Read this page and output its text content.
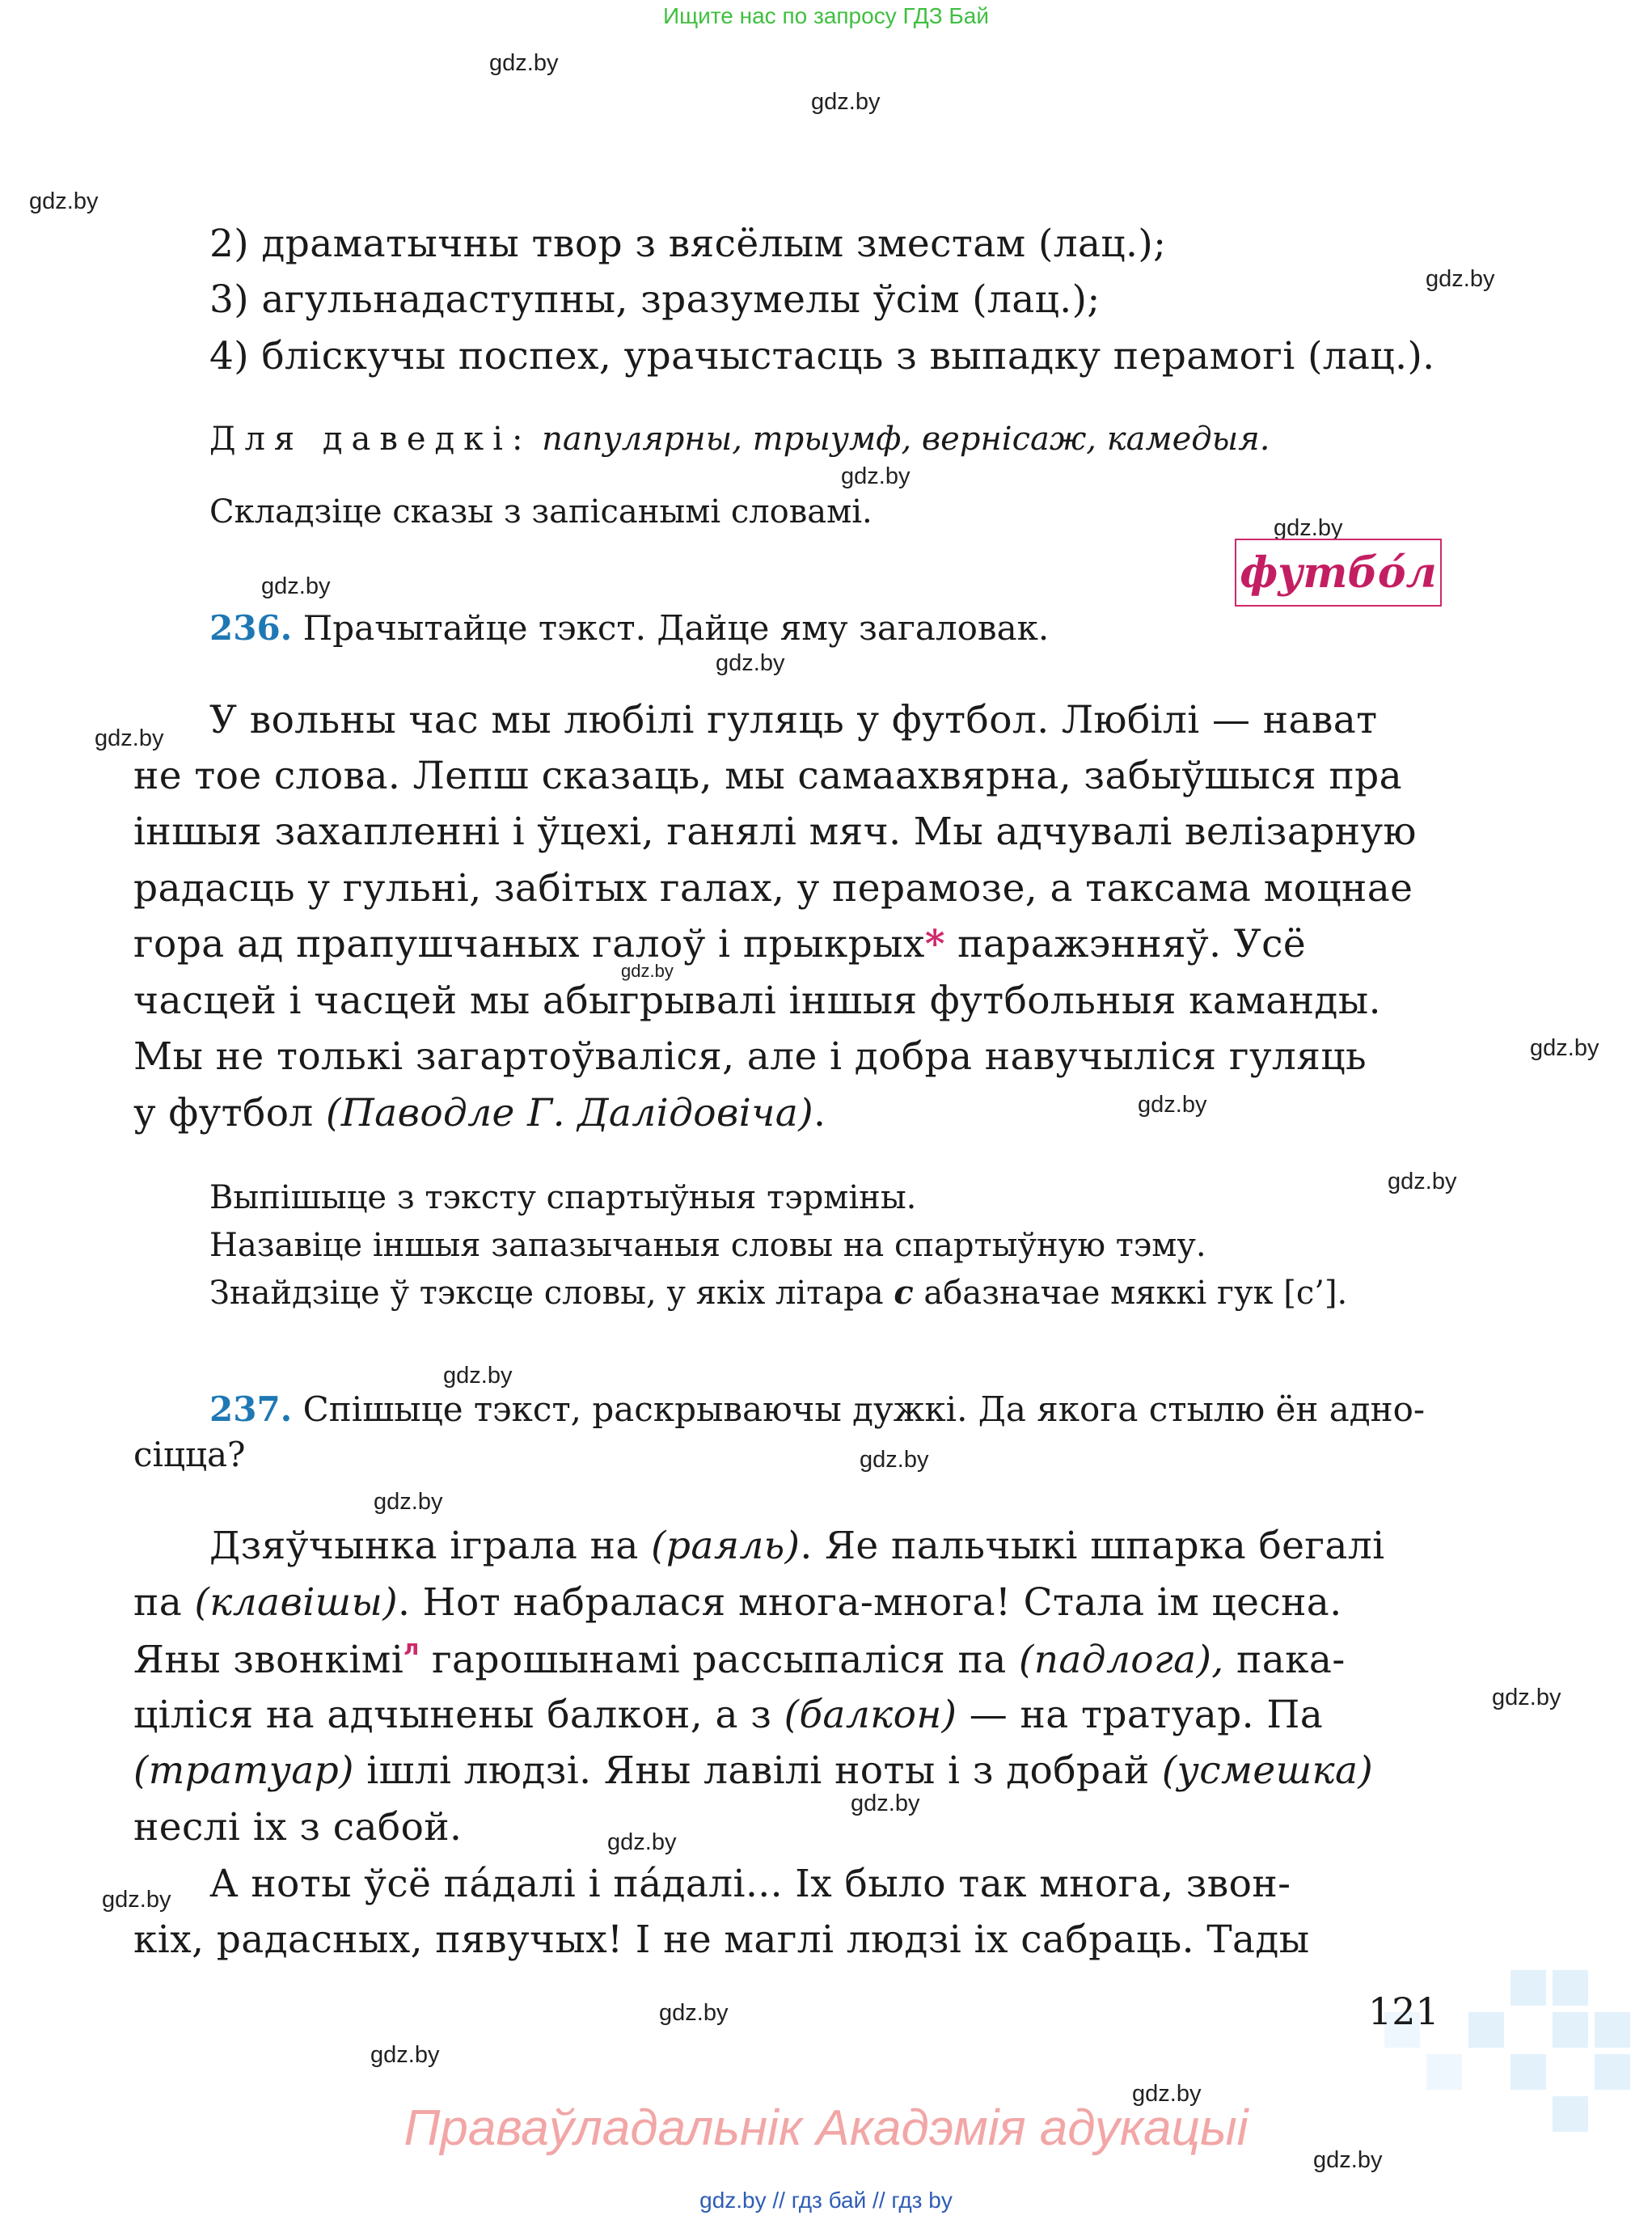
Ищите нас по запросу ГДЗ Бай
gdz.by
gdz.by
gdz.by
gdz.by
gdz.by
gdz.by
gdz.by
gdz.by
gdz.by
gdz.by
gdz.by
gdz.by
gdz.by
gdz.by
gdz.by
gdz.by
gdz.by
gdz.by
gdz.by
gdz.by
gdz.by
gdz.by
gdz.by
gdz.by
2) драматычны твор з вясёлым зместам (лац.);
3) агульнадаступны, зразумелы ўсім (лац.);
4) бліскучы поспех, урачыстасць з выпадку перамогі (лац.).
Для даведкі: папулярны, трыумф, вернісаж, камедыя.
Складзіце сказы з запісанымі словамі.
футбо́л
236. Прачытайце тэкст. Дайце яму загаловак.
У вольны час мы любілі гуляць у футбол. Любілі — нават
не тое слова. Лепш сказаць, мы самаахвярна, забыўшыся пра
іншыя захапленні і ўцехі, ганялі мяч. Мы адчувалі велізарную
радасць у гульні, забітых галах, у перамозе, а таксама моцнае
гора ад прапушчаных галоў і прыкрых* паражэнняў. Усё
часцей і часцей мы абыгрывалі іншыя футбольныя каманды.
Мы не толькі загартоўваліся, але і добра навучыліся гуляць
у футбол (Паводле Г. Далідовіча).
Выпішыце з тэксту спартыўныя тэрміны.
Назавіце іншыя запазычаныя словы на спартыўную тэму.
Знайдзіце ў тэксце словы, у якіх літара с абазначае мяккі гук [с’].
237. Спішыце тэкст, раскрываючы дужкі. Да якога стылю ён адно-
сіцца?
Дзяўчынка іграла на (раяль). Яе пальчыкі шпарка бегалі
па (клавішы). Нот набралася многа-многа! Стала ім цесна.
Яны звонкімі$^л$ гарошынамі рассыпаліся па (падлога), пака-
ціліся на адчынены балкон, а з (балкон) — на тратуар. Па
(тратуар) ішлі людзі. Яны лавілі ноты і з добрай (усмешка)
неслі іх з сабой.
А ноты ўсё па́далі і па́далі... Іх было так многа, звон-
кіх, радасных, пявучых! І не маглі людзі іх сабраць. Тады
121
Праваўладальнік Акадэмія адукацыі
gdz.by // гдз бай // гдз by
